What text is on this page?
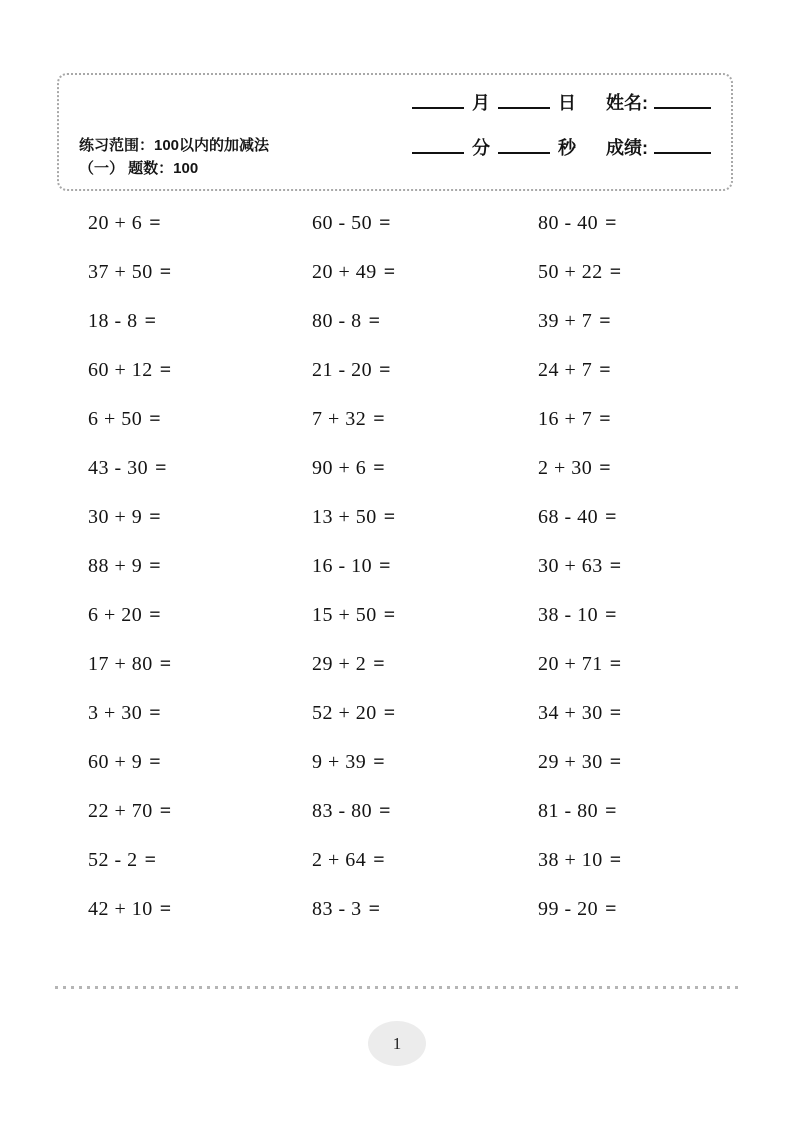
练习范围：100以内的加减法
（一） 题数：100
月	日 姓名:
分	秒 成绩:
20 + 6 =	60 - 50 =	80 - 40 =
37 + 50 =	20 + 49 =	50 + 22 =
18 - 8 =	80 - 8 =	39 + 7 =
60 + 12 =	21 - 20 =	24 + 7 =
6 + 50 =	7 + 32 =	16 + 7 =
43 - 30 =	90 + 6 =	2 + 30 =
30 + 9 =	13 + 50 =	68 - 40 =
88 + 9 =	16 - 10 =	30 + 63 =
6 + 20 =	15 + 50 =	38 - 10 =
17 + 80 =	29 + 2 =	20 + 71 =
3 + 30 =	52 + 20 =	34 + 30 =
60 + 9 =	9 + 39 =	29 + 30 =
22 + 70 =	83 - 80 =	81 - 80 =
52 - 2 =	2 + 64 =	38 + 10 =
42 + 10 =	83 - 3 =	99 - 20 =
1
